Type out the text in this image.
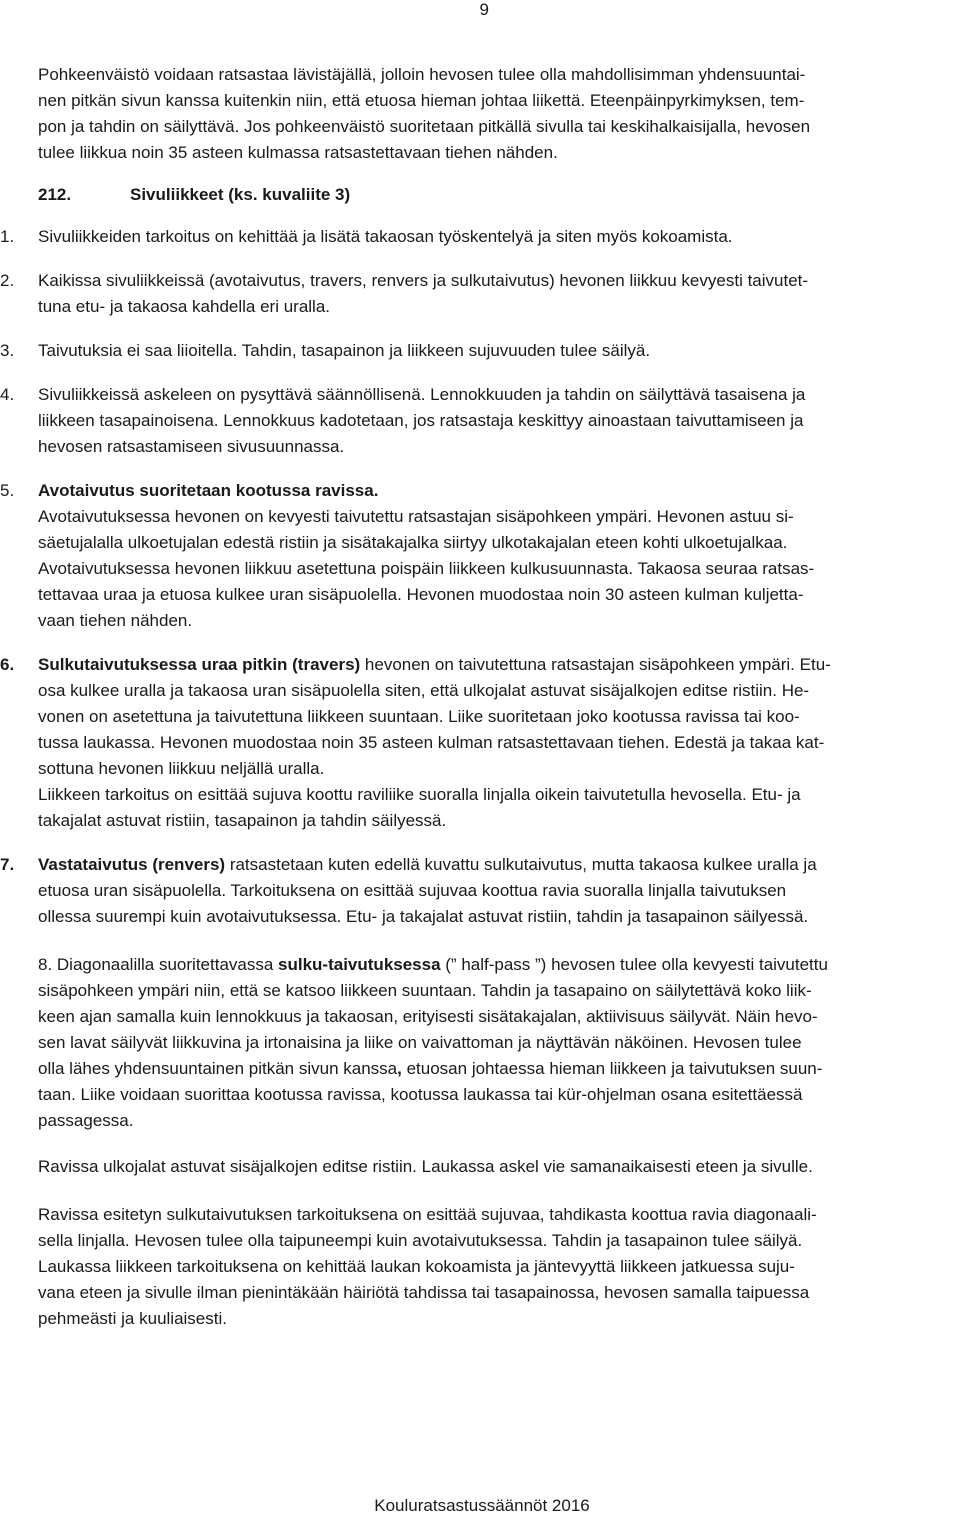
9
Pohkeenväistö voidaan ratsastaa lävistäjällä, jolloin hevosen tulee olla mahdollisimman yhdensuuntai-
nen pitkän sivun kanssa kuitenkin niin, että etuosa hieman johtaa liikettä. Eteenpäinpyrkimyksen, tem-
pon ja tahdin on säilyttävä. Jos pohkeenväistö suoritetaan pitkällä sivulla tai keskihalkaisijalla, hevosen
tulee liikkua noin 35 asteen kulmassa ratsastettavaan tiehen nähden.
212.	Sivuliikkeet (ks. kuvaliite 3)
1. Sivuliikkeiden tarkoitus on kehittää ja lisätä takaosan työskentelyä ja siten myös kokoamista.
2. Kaikissa sivuliikkeissä (avotaivutus, travers, renvers ja sulkutaivutus) hevonen liikkuu kevyesti taivutet-
tuna etu- ja takaosa kahdella eri uralla.
3. Taivutuksia ei saa liioitella. Tahdin, tasapainon ja liikkeen sujuvuuden tulee säilyä.
4. Sivuliikkeissä askeleen on pysyttävä säännöllisenä. Lennokkuuden ja tahdin on säilyttävä tasaisena ja
liikkeen tasapainoisena. Lennokkuus kadotetaan, jos ratsastaja keskittyy ainoastaan taivuttamiseen ja
hevosen ratsastamiseen sivusuunnassa.
5. Avotaivutus suoritetaan kootussa ravissa.
Avotaivutuksessa hevonen on kevyesti taivutettu ratsastajan sisäpohkeen ympäri. Hevonen astuu si-
säetujalalla ulkoetujalan edestä ristiin ja sisätakajalka siirtyy ulkotakajalan eteen kohti ulkoetujalkaa.
Avotaivutuksessa hevonen liikkuu asetettuna poispäin liikkeen kulkusuunnasta. Takaosa seuraa ratsas-
tettavaa uraa ja etuosa kulkee uran sisäpuolella. Hevonen muodostaa noin 30 asteen kulman kuljetta-
vaan tiehen nähden.
6. Sulkutaivutuksessa uraa pitkin (travers) hevonen on taivutettuna ratsastajan sisäpohkeen ympäri. Etu-
osa kulkee uralla ja takaosa uran sisäpuolella siten, että ulkojalat astuvat sisäjalkojen editse ristiin. He-
vonen on asetettuna ja taivutettuna liikkeen suuntaan. Liike suoritetaan joko kootussa ravissa tai koo-
tussa laukassa. Hevonen muodostaa noin 35 asteen kulman ratsastettavaan tiehen. Edestä ja takaa kat-
sottuna hevonen liikkuu neljällä uralla.
Liikkeen tarkoitus on esittää sujuva koottu raviliike suoralla linjalla oikein taivutetulla hevosella. Etu- ja
takajalat astuvat ristiin, tasapainon ja tahdin säilyessä.
7. Vastataivutus (renvers) ratsastetaan kuten edellä kuvattu sulkutaivutus, mutta takaosa kulkee uralla ja
etuosa uran sisäpuolella. Tarkoituksena on esittää sujuvaa koottua ravia suoralla linjalla taivutuksen
ollessa suurempi kuin avotaivutuksessa. Etu- ja takajalat astuvat ristiin, tahdin ja tasapainon säilyessä.
8. Diagonaalilla suoritettavassa sulku-taivutuksessa (” half-pass ”) hevosen tulee olla kevyesti taivutettu
sisäpohkeen ympäri niin, että se katsoo liikkeen suuntaan. Tahdin ja tasapaino on säilytettävä koko liik-
keen ajan samalla kuin lennokkuus ja takaosan, erityisesti sisätakajalan, aktiivisuus säilyvät. Näin hevo-
sen lavat säilyvät liikkuvina ja irtonaisina ja liike on vaivattoman ja näyttävän näköinen. Hevosen tulee
olla lähes yhdensuuntainen pitkän sivun kanssa, etuosan johtaessa hieman liikkeen ja taivutuksen suun-
taan. Liike voidaan suorittaa kootussa ravissa, kootussa laukassa tai kür-ohjelman osana esitettäessä
passagessa.
Ravissa ulkojalat astuvat sisäjalkojen editse ristiin. Laukassa askel vie samanaikaisesti eteen ja sivulle.
Ravissa esitetyn sulkutaivutuksen tarkoituksena on esittää sujuvaa, tahdikasta koottua ravia diagonaali-
sella linjalla. Hevosen tulee olla taipuneempi kuin avotaivutuksessa. Tahdin ja tasapainon tulee säilyä.
Laukassa liikkeen tarkoituksena on kehittää laukan kokoamista ja jäntevyyttä liikkeen jatkuessa suju-
vana eteen ja sivulle ilman pienintäkään häiriötä tahdissa tai tasapainossa, hevosen samalla taipuessa
pehmeästi ja kuuliaisesti.
Kouluratsastussäännöt 2016
